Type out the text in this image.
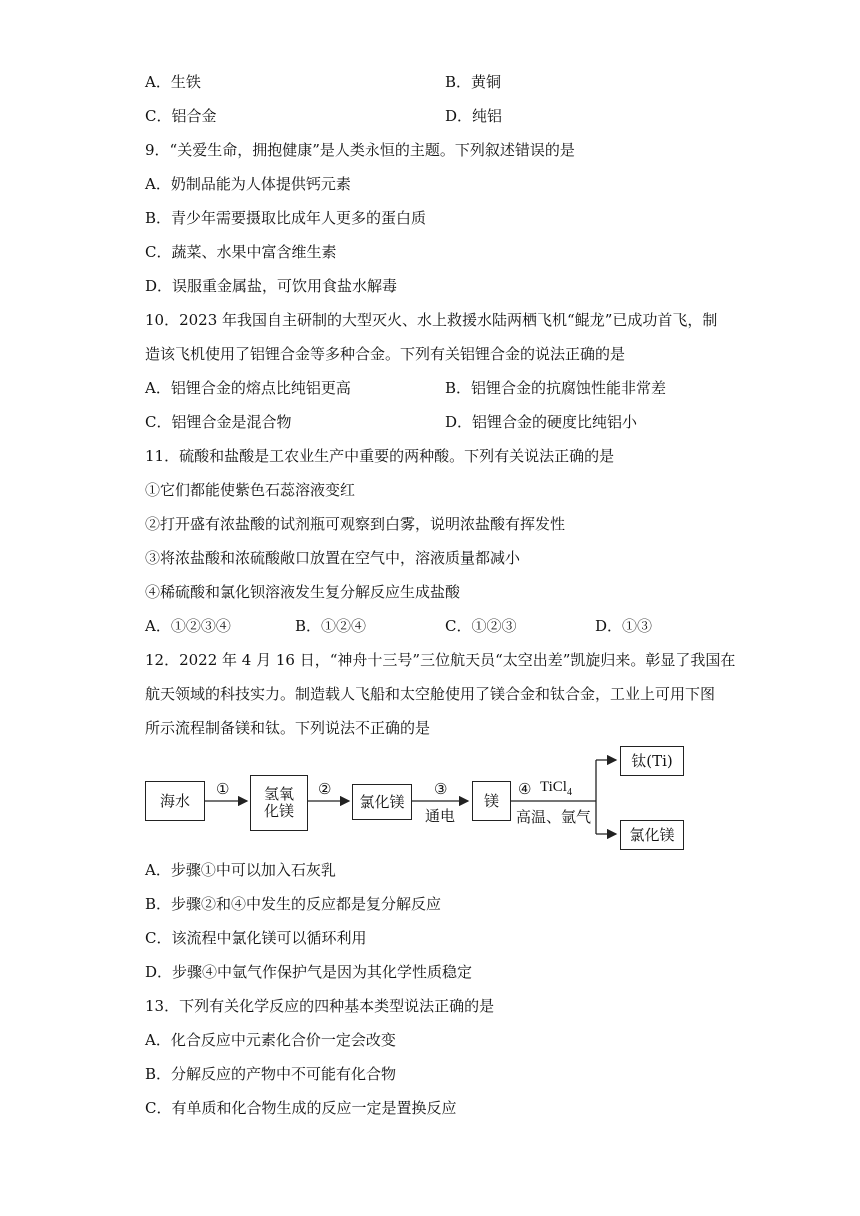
A．生铁	B．黄铜
C．铝合金	D．纯铝
9．“关爱生命，拥抱健康”是人类永恒的主题。下列叙述错误的是
A．奶制品能为人体提供钙元素
B．青少年需要摄取比成年人更多的蛋白质
C．蔬菜、水果中富含维生素
D．误服重金属盐，可饮用食盐水解毒
10．2023 年我国自主研制的大型灭火、水上救援水陆两栖飞机“鲲龙”已成功首飞，制
造该飞机使用了铝锂合金等多种合金。下列有关铝锂合金的说法正确的是
A．铝锂合金的熔点比纯铝更高	B．铝锂合金的抗腐蚀性能非常差
C．铝锂合金是混合物	D．铝锂合金的硬度比纯铝小
11．硫酸和盐酸是工农业生产中重要的两种酸。下列有关说法正确的是
①它们都能使紫色石蕊溶液变红
②打开盛有浓盐酸的试剂瓶可观察到白雾，说明浓盐酸有挥发性
③将浓盐酸和浓硫酸敞口放置在空气中，溶液质量都减小
④稀硫酸和氯化钡溶液发生复分解反应生成盐酸
A．①②③④	B．①②④	C．①②③	D．①③
12．2022 年 4 月 16 日，“神舟十三号”三位航天员“太空出差”凯旋归来。彰显了我国在
航天领域的科技实力。制造载人飞船和太空舱使用了镁合金和钛合金，工业上可用下图
所示流程制备镁和钛。下列说法不正确的是
海水	氢氧
化镁
氯化镁	镁
钛(Ti)
氯化镁
①	②	③
通电
④ TiCl$_4$
高温、氩气
A．步骤①中可以加入石灰乳
B．步骤②和④中发生的反应都是复分解反应
C．该流程中氯化镁可以循环利用
D．步骤④中氩气作保护气是因为其化学性质稳定
13．下列有关化学反应的四种基本类型说法正确的是
A．化合反应中元素化合价一定会改变
B．分解反应的产物中不可能有化合物
C．有单质和化合物生成的反应一定是置换反应
